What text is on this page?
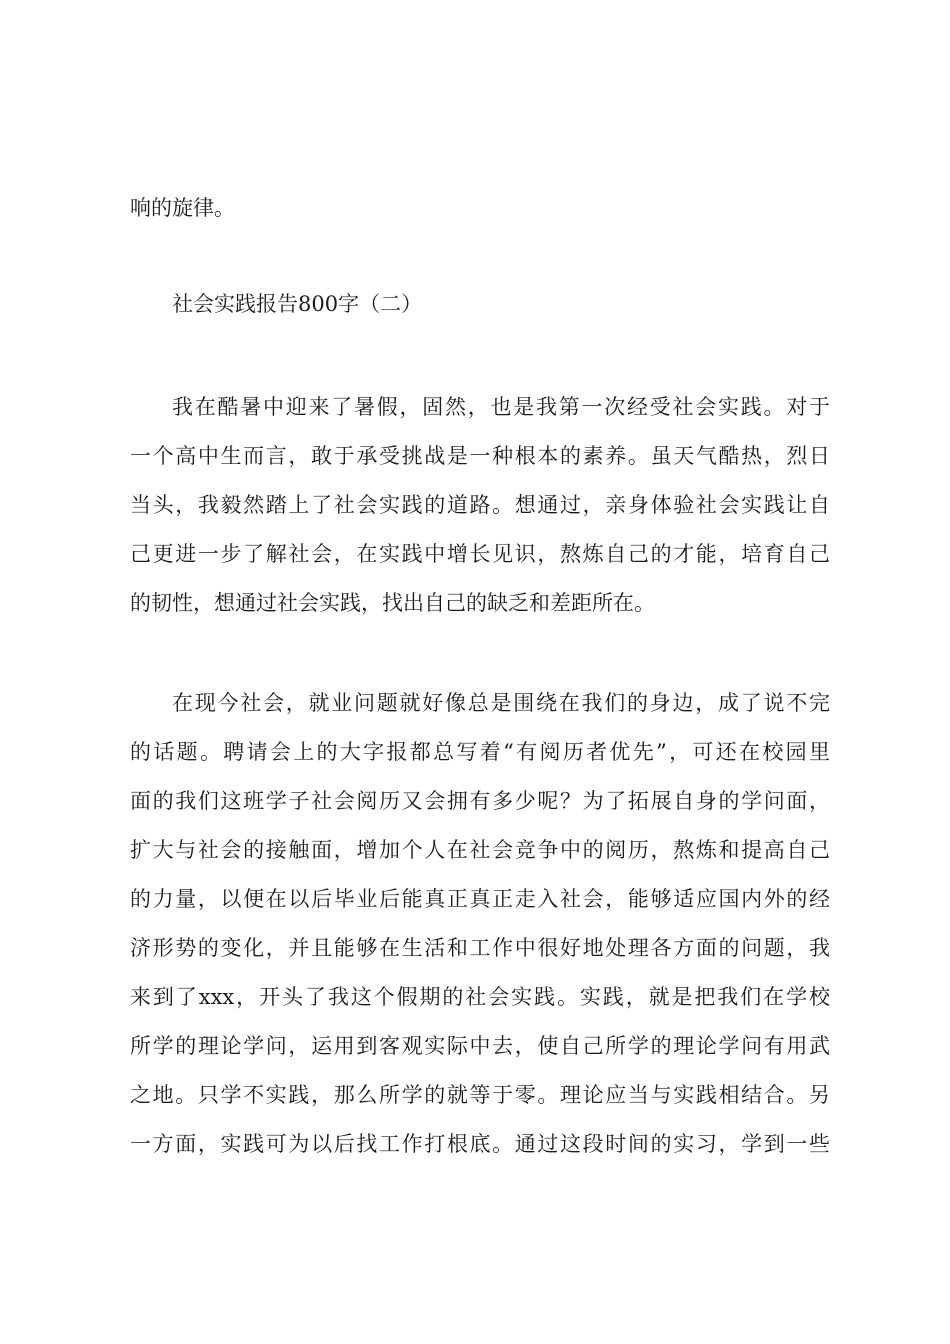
响的旋律。
社会实践报告800字（二）
我在酷暑中迎来了暑假，固然，也是我第一次经受社会实践。对于
一个高中生而言，敢于承受挑战是一种根本的素养。虽天气酷热，烈日
当头，我毅然踏上了社会实践的道路。想通过，亲身体验社会实践让自
己更进一步了解社会，在实践中增长见识，熬炼自己的才能，培育自己
的韧性，想通过社会实践，找出自己的缺乏和差距所在。
在现今社会，就业问题就好像总是围绕在我们的身边，成了说不完
的话题。聘请会上的大字报都总写着“有阅历者优先”，可还在校园里
面的我们这班学子社会阅历又会拥有多少呢？为了拓展自身的学问面，
扩大与社会的接触面，增加个人在社会竞争中的阅历，熬炼和提高自己
的力量，以便在以后毕业后能真正真正走入社会，能够适应国内外的经
济形势的变化，并且能够在生活和工作中很好地处理各方面的问题，我
来到了xxx，开头了我这个假期的社会实践。实践，就是把我们在学校
所学的理论学问，运用到客观实际中去，使自己所学的理论学问有用武
之地。只学不实践，那么所学的就等于零。理论应当与实践相结合。另
一方面，实践可为以后找工作打根底。通过这段时间的实习，学到一些
